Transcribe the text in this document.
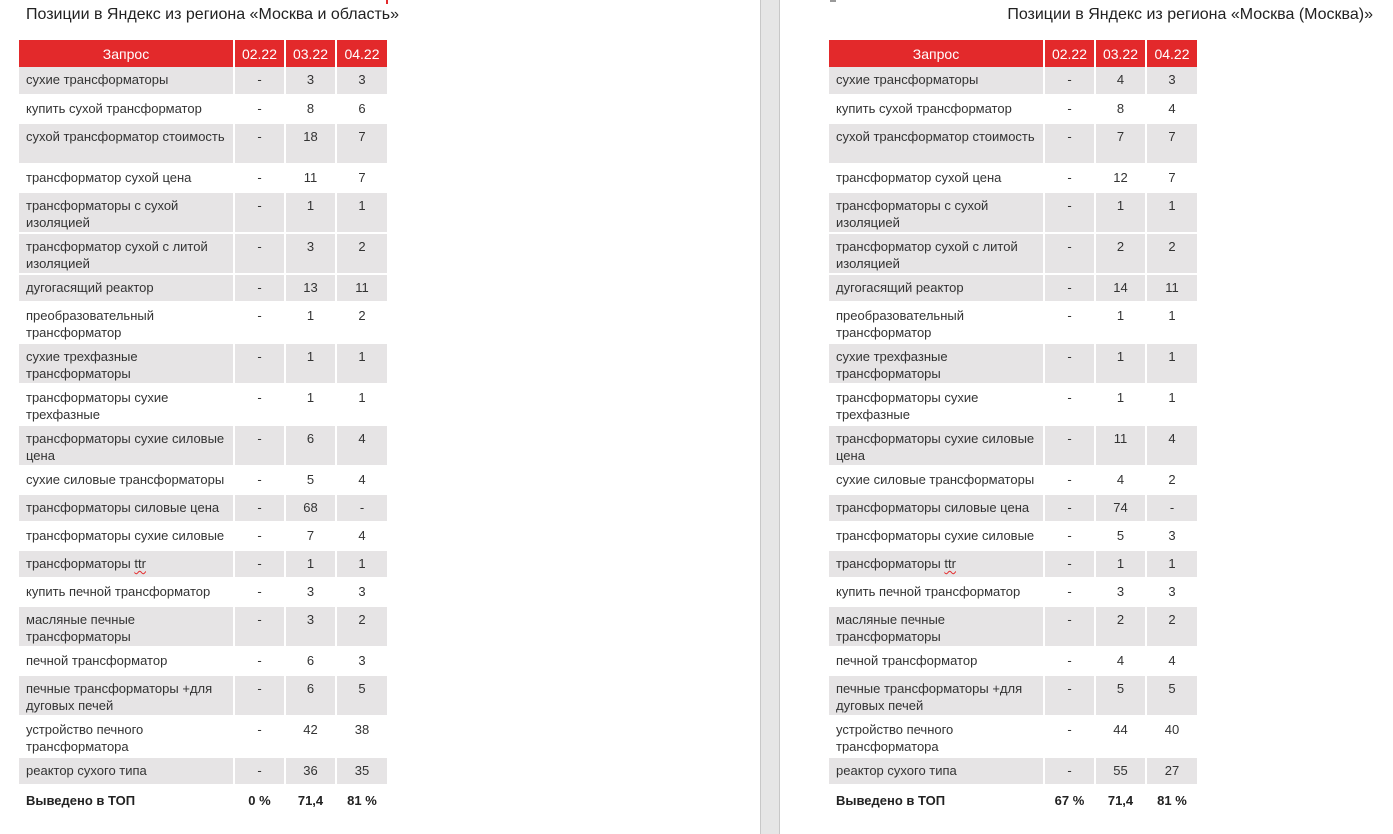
Позиции в Яндекс из региона «Москва и область»
Запрос	02.22	03.22	04.22
сухие трансформаторы	-	3	3
купить сухой трансформатор	-	8	6
сухой трансформатор стоимость	-	18	7
трансформатор сухой цена	-	11	7
трансформаторы с сухой изоляцией	-	1	1
трансформатор сухой с литой изоляцией	-	3	2
дугогасящий реактор	-	13	11
преобразовательный трансформатор	-	1	2
сухие трехфазные трансформаторы	-	1	1
трансформаторы сухие трехфазные	-	1	1
трансформаторы сухие силовые цена	-	6	4
сухие силовые трансформаторы	-	5	4
трансформаторы силовые цена	-	68	-
трансформаторы сухие силовые	-	7	4
трансформаторы ttr	-	1	1
купить печной трансформатор	-	3	3
масляные печные трансформаторы	-	3	2
печной трансформатор	-	6	3
печные трансформаторы +для дуговых печей	-	6	5
устройство печного трансформатора	-	42	38
реактор сухого типа	-	36	35
Выведено в ТОП	0 %	71,4	81 %
Позиции в Яндекс из региона «Москва (Москва)»
Запрос	02.22	03.22	04.22
сухие трансформаторы	-	4	3
купить сухой трансформатор	-	8	4
сухой трансформатор стоимость	-	7	7
трансформатор сухой цена	-	12	7
трансформаторы с сухой изоляцией	-	1	1
трансформатор сухой с литой изоляцией	-	2	2
дугогасящий реактор	-	14	11
преобразовательный трансформатор	-	1	1
сухие трехфазные трансформаторы	-	1	1
трансформаторы сухие трехфазные	-	1	1
трансформаторы сухие силовые цена	-	11	4
сухие силовые трансформаторы	-	4	2
трансформаторы силовые цена	-	74	-
трансформаторы сухие силовые	-	5	3
трансформаторы ttr	-	1	1
купить печной трансформатор	-	3	3
масляные печные трансформаторы	-	2	2
печной трансформатор	-	4	4
печные трансформаторы +для дуговых печей	-	5	5
устройство печного трансформатора	-	44	40
реактор сухого типа	-	55	27
Выведено в ТОП	67 %	71,4	81 %
